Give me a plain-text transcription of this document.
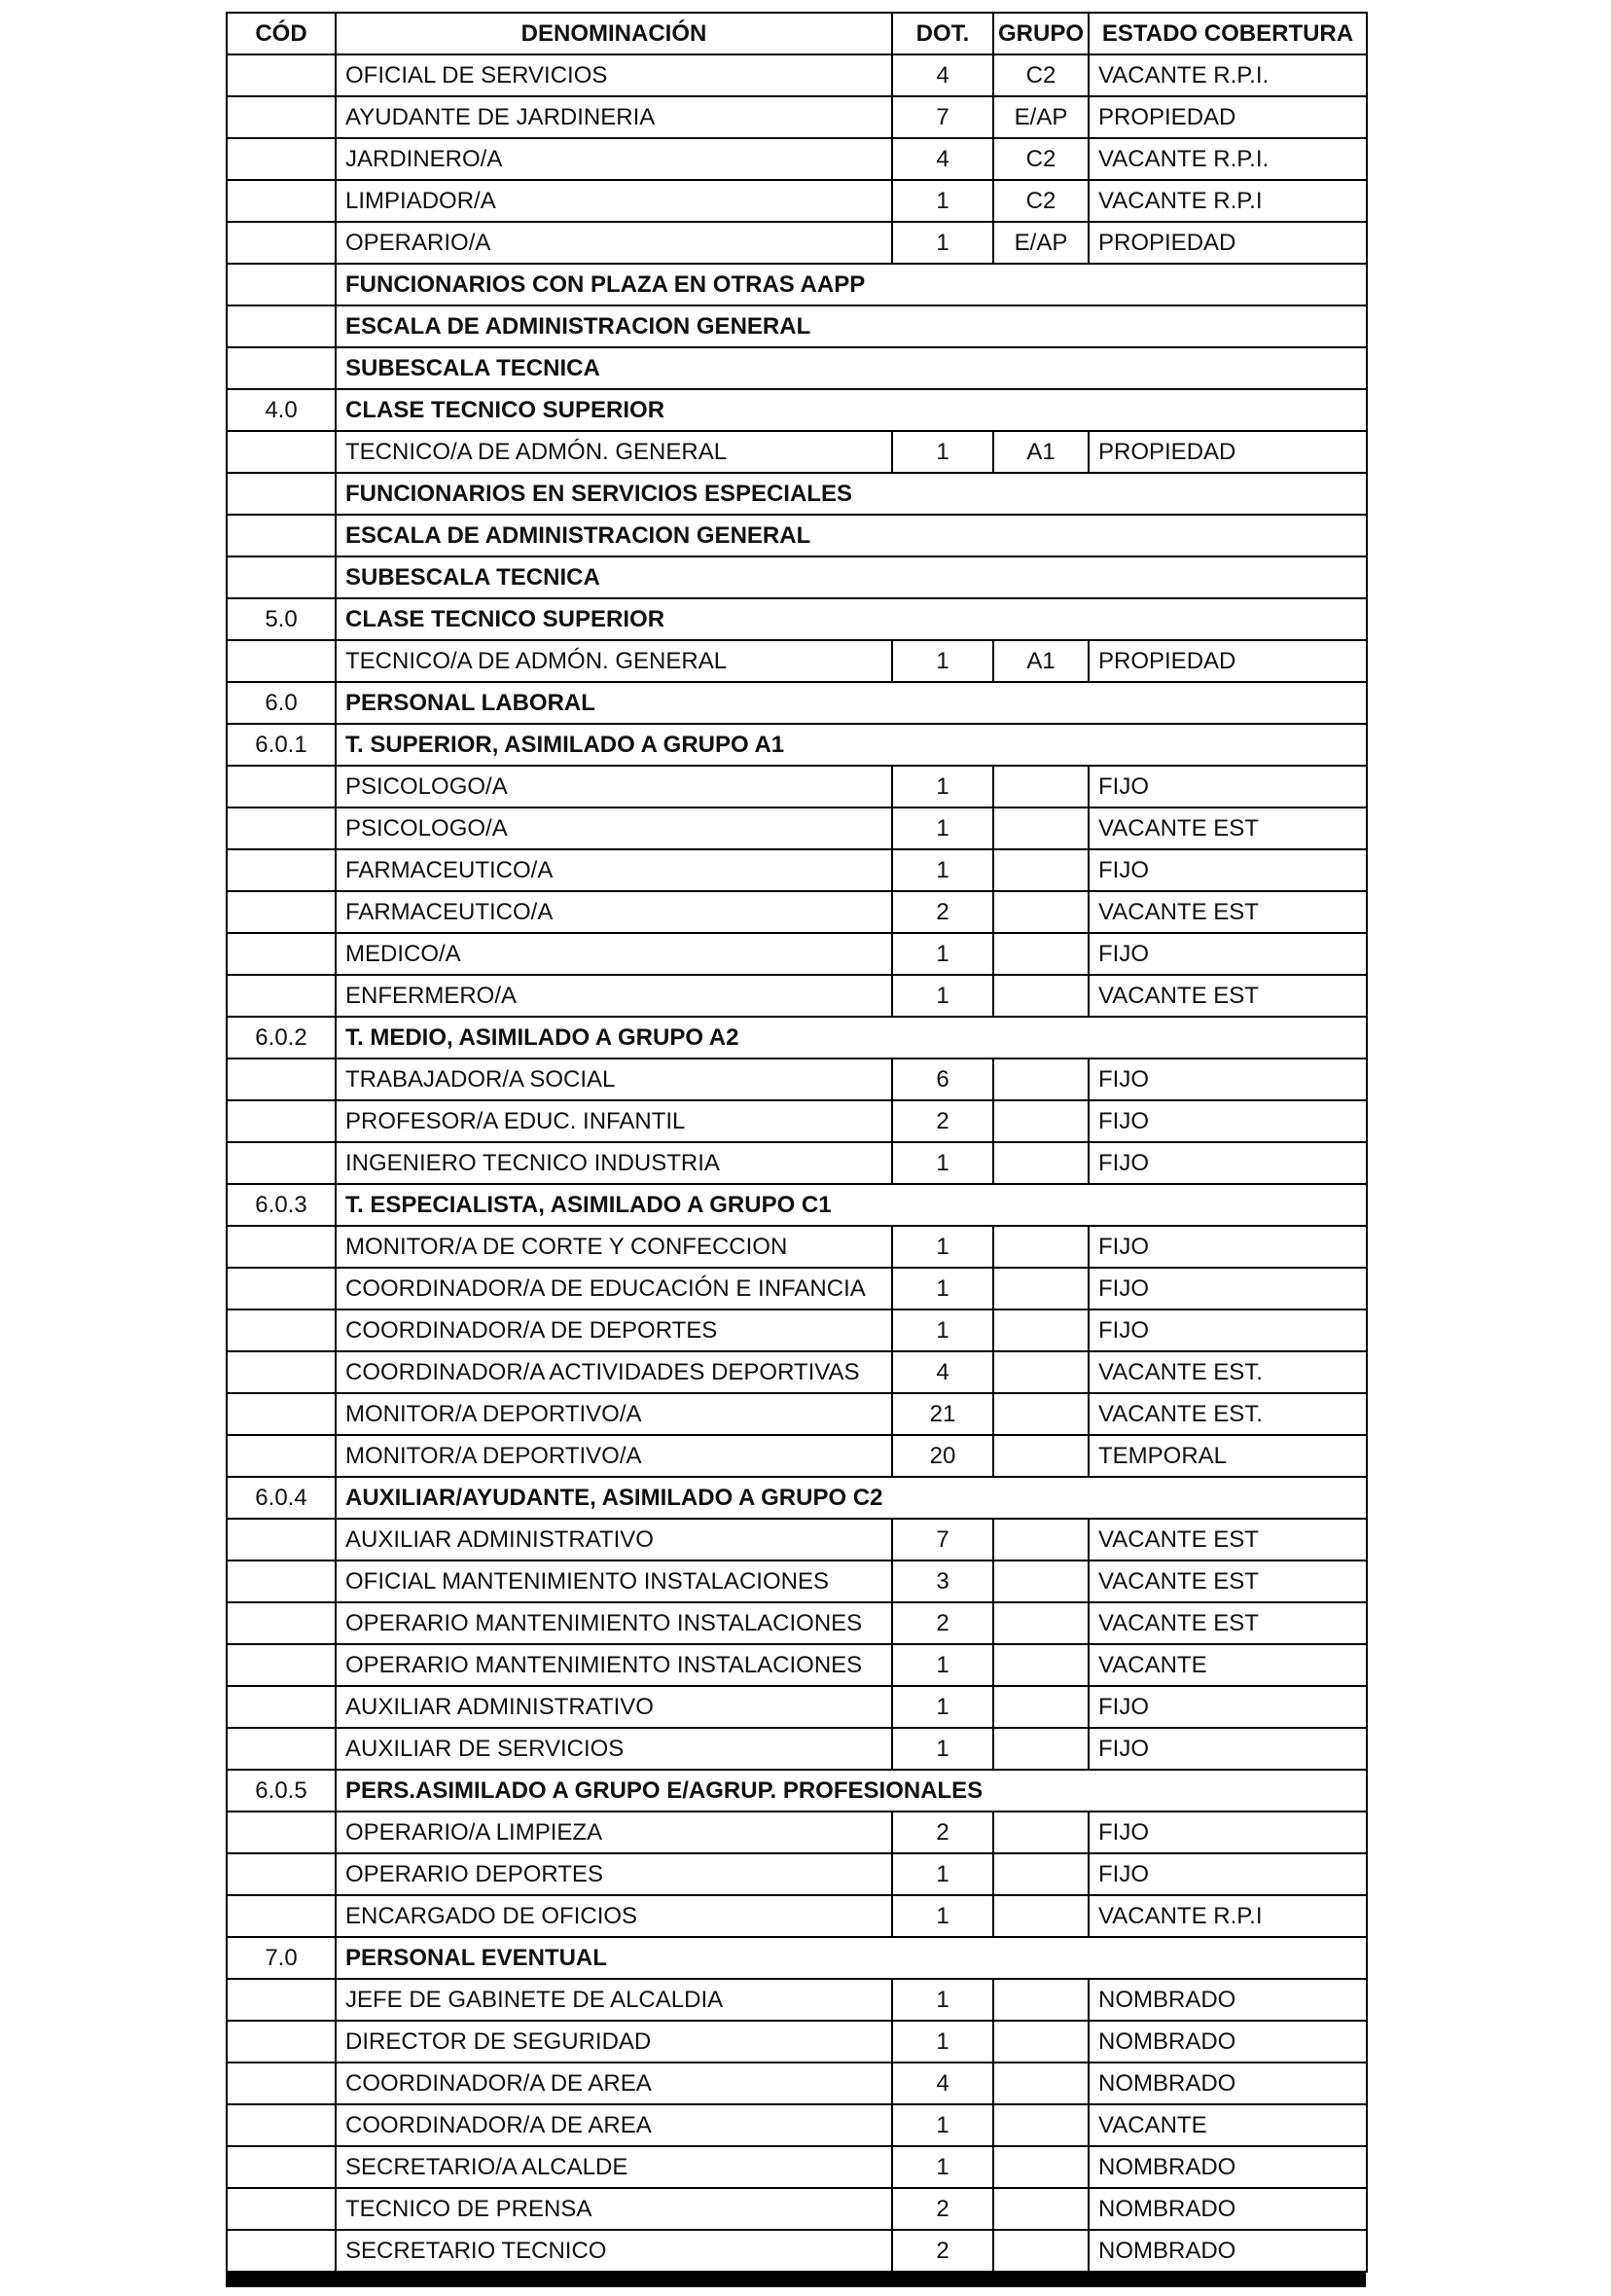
CÓD	DENOMINACIÓN	DOT.	GRUPO	ESTADO COBERTURA
	OFICIAL DE SERVICIOS	4	C2	VACANTE R.P.I.
	AYUDANTE DE JARDINERIA	7	E/AP	PROPIEDAD
	JARDINERO/A	4	C2	VACANTE R.P.I.
	LIMPIADOR/A	1	C2	VACANTE R.P.I
	OPERARIO/A	1	E/AP	PROPIEDAD
	FUNCIONARIOS CON PLAZA EN OTRAS AAPP			
	ESCALA DE ADMINISTRACION GENERAL			
	SUBESCALA TECNICA			
4.0	CLASE TECNICO SUPERIOR			
	TECNICO/A DE ADMÓN. GENERAL	1	A1	PROPIEDAD
	FUNCIONARIOS EN SERVICIOS ESPECIALES			
	ESCALA DE ADMINISTRACION GENERAL			
	SUBESCALA TECNICA			
5.0	CLASE TECNICO SUPERIOR			
	TECNICO/A DE ADMÓN. GENERAL	1	A1	PROPIEDAD
6.0	PERSONAL LABORAL			
6.0.1	T. SUPERIOR, ASIMILADO A GRUPO A1			
	PSICOLOGO/A	1		FIJO
	PSICOLOGO/A	1		VACANTE EST
	FARMACEUTICO/A	1		FIJO
	FARMACEUTICO/A	2		VACANTE EST
	MEDICO/A	1		FIJO
	ENFERMERO/A	1		VACANTE EST
6.0.2	T. MEDIO, ASIMILADO A GRUPO A2			
	TRABAJADOR/A SOCIAL	6		FIJO
	PROFESOR/A EDUC. INFANTIL	2		FIJO
	INGENIERO TECNICO INDUSTRIA	1		FIJO
6.0.3	T. ESPECIALISTA, ASIMILADO A GRUPO C1			
	MONITOR/A DE CORTE Y CONFECCION	1		FIJO
	COORDINADOR/A DE EDUCACIÓN E INFANCIA	1		FIJO
	COORDINADOR/A DE DEPORTES	1		FIJO
	COORDINADOR/A ACTIVIDADES DEPORTIVAS	4		VACANTE EST.
	MONITOR/A DEPORTIVO/A	21		VACANTE EST.
	MONITOR/A DEPORTIVO/A	20		TEMPORAL
6.0.4	AUXILIAR/AYUDANTE, ASIMILADO A GRUPO C2			
	AUXILIAR ADMINISTRATIVO	7		VACANTE EST
	OFICIAL MANTENIMIENTO INSTALACIONES	3		VACANTE EST
	OPERARIO MANTENIMIENTO INSTALACIONES	2		VACANTE EST
	OPERARIO MANTENIMIENTO INSTALACIONES	1		VACANTE
	AUXILIAR ADMINISTRATIVO	1		FIJO
	AUXILIAR DE SERVICIOS	1		FIJO
6.0.5	PERS.ASIMILADO A GRUPO E/AGRUP. PROFESIONALES			
	OPERARIO/A LIMPIEZA	2		FIJO
	OPERARIO DEPORTES	1		FIJO
	ENCARGADO DE OFICIOS	1		VACANTE R.P.I
7.0	PERSONAL EVENTUAL			
	JEFE DE GABINETE DE ALCALDIA	1		NOMBRADO
	DIRECTOR DE SEGURIDAD	1		NOMBRADO
	COORDINADOR/A DE AREA	4		NOMBRADO
	COORDINADOR/A DE AREA	1		VACANTE
	SECRETARIO/A ALCALDE	1		NOMBRADO
	TECNICO DE PRENSA	2		NOMBRADO
	SECRETARIO TECNICO	2		NOMBRADO
